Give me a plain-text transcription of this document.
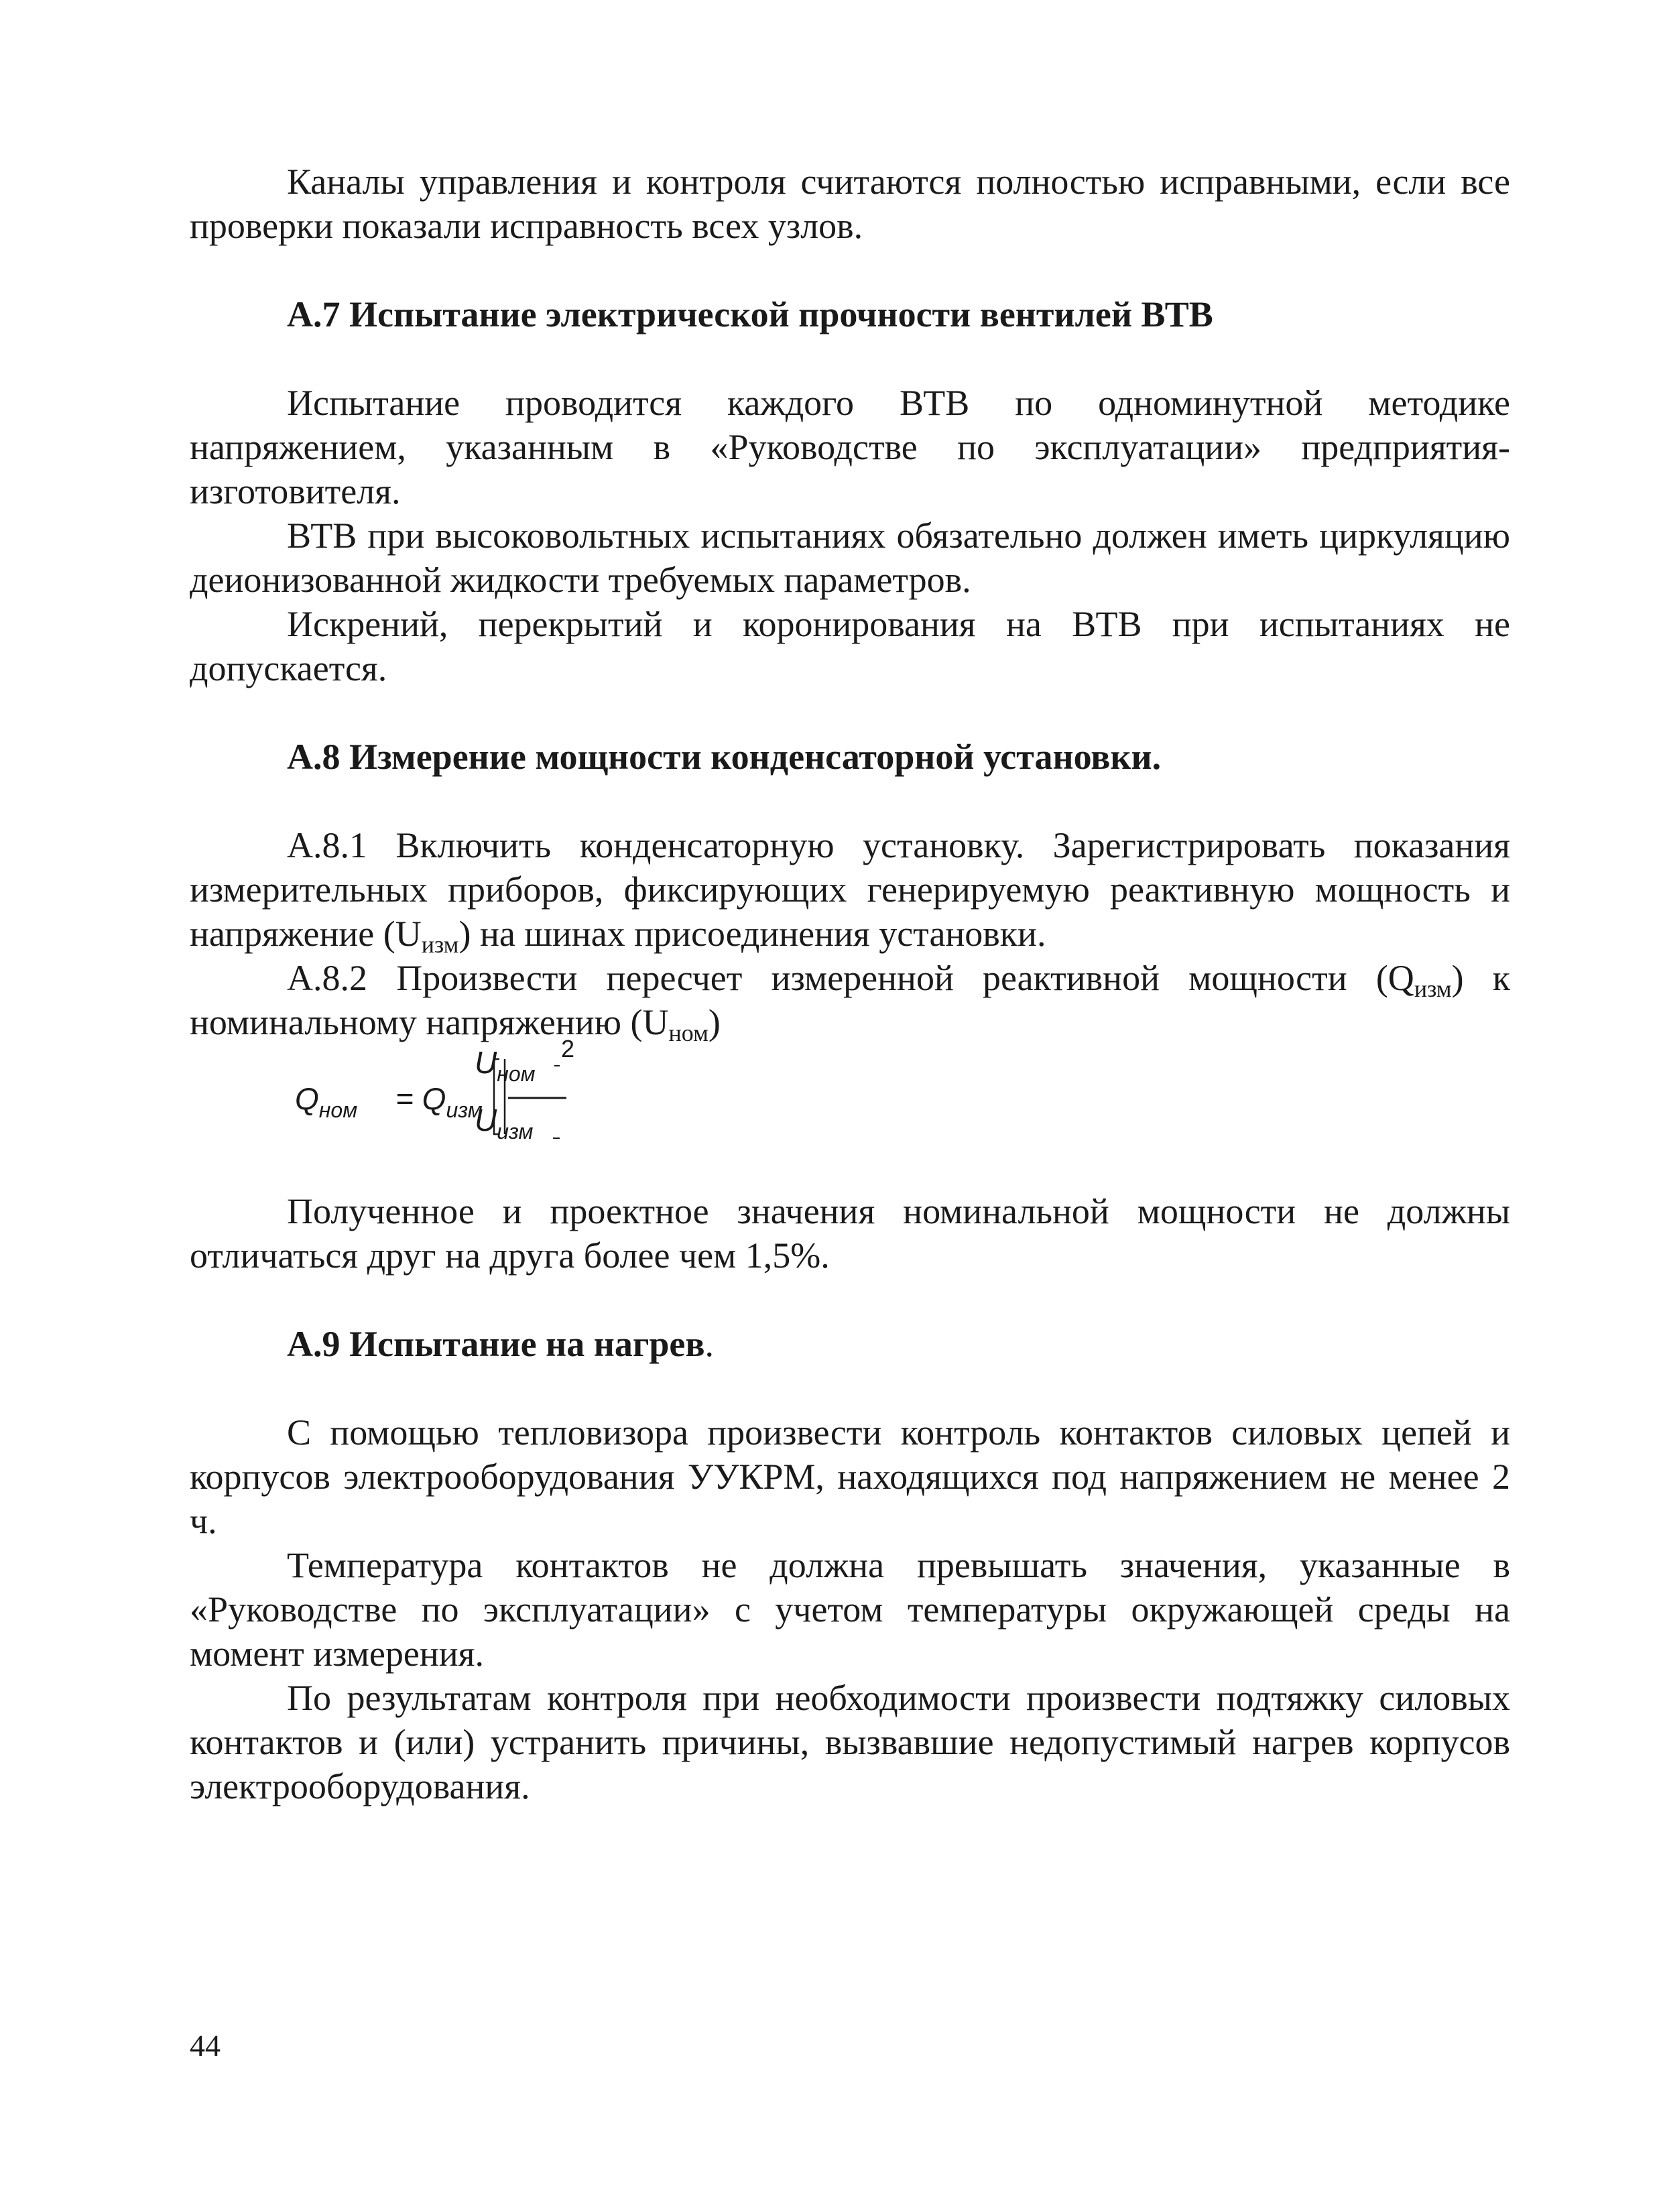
Каналы управления и контроля считаются полностью исправными, если все проверки показали исправность всех узлов.

А.7 Испытание электрической прочности вентилей ВТВ

Испытание проводится каждого ВТВ по одноминутной методике напряжением, указанным в «Руководстве по эксплуатации» предприятия-изготовителя.

ВТВ при высоковольтных испытаниях обязательно должен иметь циркуляцию деионизованной жидкости требуемых параметров.

Искрений, перекрытий и коронирования на ВТВ при испытаниях не допускается.

А.8 Измерение мощности конденсаторной установки.

А.8.1 Включить конденсаторную установку. Зарегистрировать показания измерительных приборов, фиксирующих генерируемую реактивную мощность и напряжение $(U_{изм})$ на шинах присоединения установки.

А.8.2 Произвести пересчет измеренной реактивной мощности $(Q_{изм})$ к номинальному напряжению $(U_{ном})$

$Q_{ном} = Q_{изм}$
$U_{ном}$
$U_{изм}$
2

Полученное и проектное значения номинальной мощности не должны отличаться друг на друга более чем 1,5%.

А.9 Испытание на нагрев.

С помощью тепловизора произвести контроль контактов силовых цепей и корпусов электрооборудования УУКРМ, находящихся под напряжением не менее 2 ч.

Температура контактов не должна превышать значения, указанные в «Руководстве по эксплуатации» с учетом температуры окружающей среды на момент измерения.

По результатам контроля при необходимости произвести подтяжку силовых контактов и (или) устранить причины, вызвавшие недопустимый нагрев корпусов электрооборудования.

44
